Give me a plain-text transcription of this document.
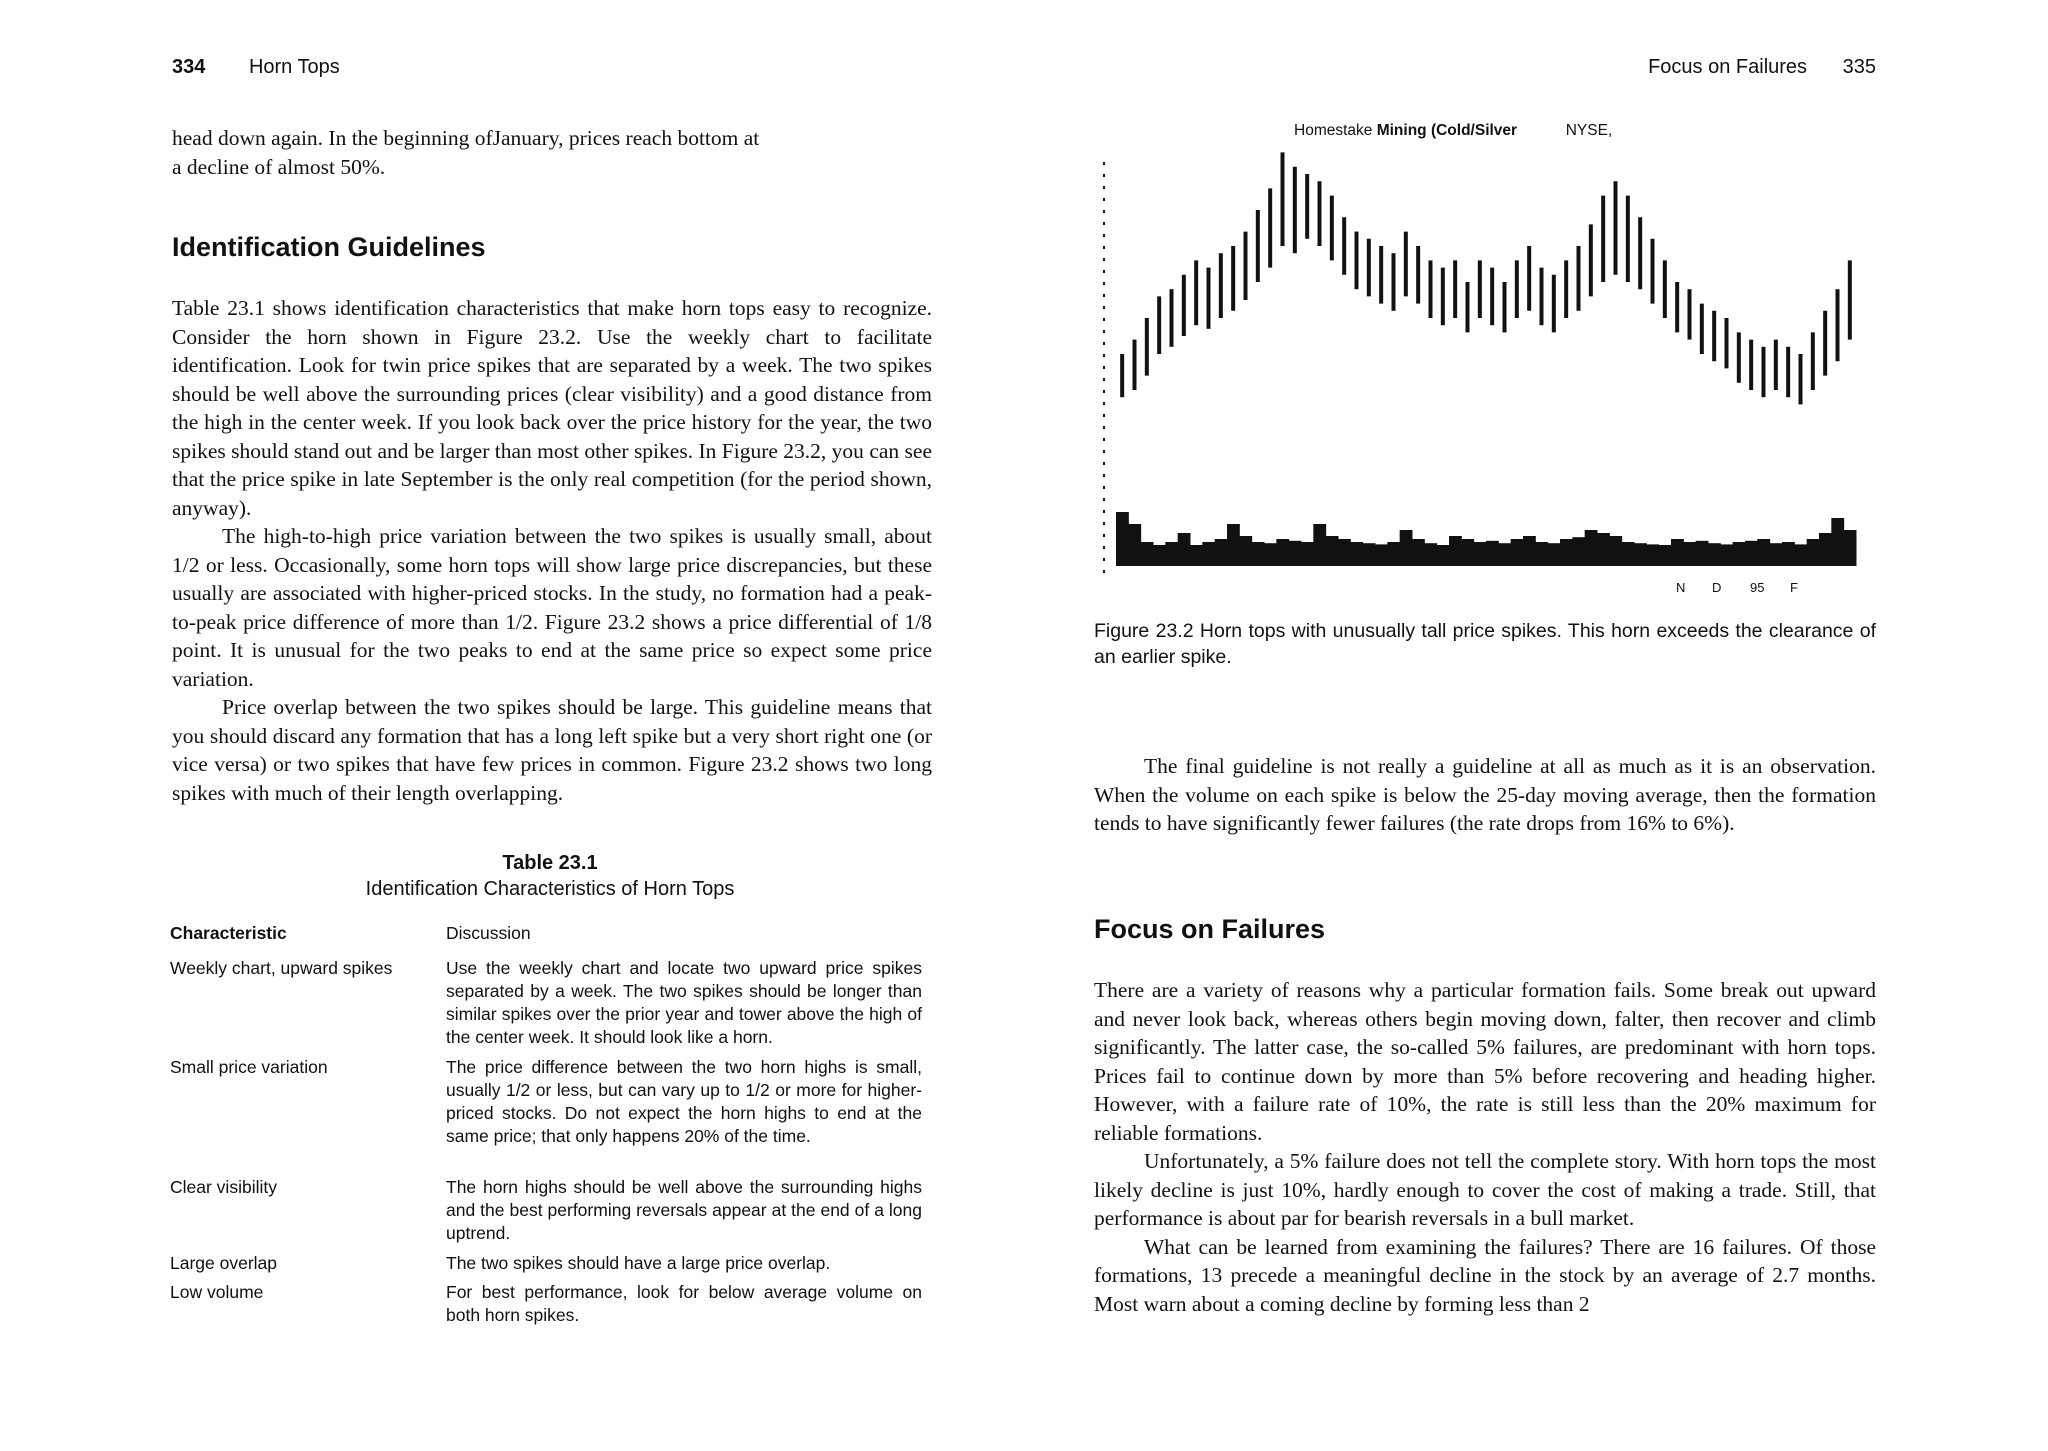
334 Horn Tops

head down again. In the beginning ofJanuary, prices reach bottom at

a decline of almost 50%.

Identification Guidelines

Table 23.1 shows identification characteristics that make horn tops easy to recognize. Consider the horn shown in Figure 23.2. Use the weekly chart to facilitate identification. Look for twin price spikes that are separated by a week. The two spikes should be well above the surrounding prices (clear visibility) and a good distance from the high in the center week. If you look back over the price history for the year, the two spikes should stand out and be larger than most other spikes. In Figure 23.2, you can see that the price spike in late September is the only real competition (for the period shown, anyway).

The high-to-high price variation between the two spikes is usually small, about 1/2 or less. Occasionally, some horn tops will show large price discrepancies, but these usually are associated with higher-priced stocks. In the study, no formation had a peak-to-peak price difference of more than 1/2. Figure 23.2 shows a price differential of 1/8 point. It is unusual for the two peaks to end at the same price so expect some price variation.

Price overlap between the two spikes should be large. This guideline means that you should discard any formation that has a long left spike but a very short right one (or vice versa) or two spikes that have few prices in common. Figure 23.2 shows two long spikes with much of their length overlapping.

Table 23.1
Identification Characteristics of Horn Tops
Characteristic	Discussion
Weekly chart, upward spikes	Use the weekly chart and locate two upward price spikes separated by a week. The two spikes should be longer than similar spikes over the prior year and tower above the high of the center week. It should look like a horn.
Small price variation	The price difference between the two horn highs is small, usually 1/2 or less, but can vary up to 1/2 or more for higher-priced stocks. Do not expect the horn highs to end at the same price; that only happens 20% of the time.
Clear visibility	The horn highs should be well above the surrounding highs and the best performing reversals appear at the end of a long uptrend.
Large overlap	The two spikes should have a large price overlap.
Low volume	For best performance, look for below average volume on both horn spikes.
Focus on Failures 335
Homestake Mining (Cold/Silver	NYSE,
N D 95 F
Figure 23.2 Horn tops with unusually tall price spikes. This horn exceeds the clearance of an earlier spike.

The final guideline is not really a guideline at all as much as it is an observation. When the volume on each spike is below the 25-day moving average, then the formation tends to have significantly fewer failures (the rate drops from 16% to 6%).

Focus on Failures

There are a variety of reasons why a particular formation fails. Some break out upward and never look back, whereas others begin moving down, falter, then recover and climb significantly. The latter case, the so-called 5% failures, are predominant with horn tops. Prices fail to continue down by more than 5% before recovering and heading higher. However, with a failure rate of 10%, the rate is still less than the 20% maximum for reliable formations.

Unfortunately, a 5% failure does not tell the complete story. With horn tops the most likely decline is just 10%, hardly enough to cover the cost of making a trade. Still, that performance is about par for bearish reversals in a bull market.

What can be learned from examining the failures? There are 16 failures. Of those formations, 13 precede a meaningful decline in the stock by an average of 2.7 months. Most warn about a coming decline by forming less than 2
